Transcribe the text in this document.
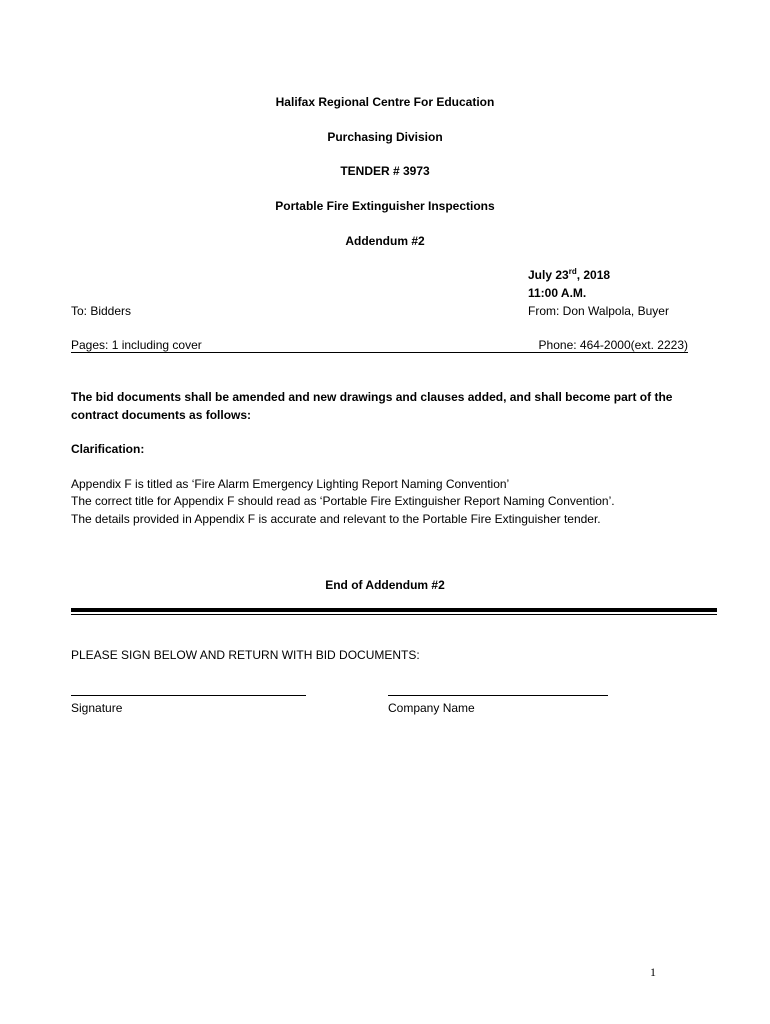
Halifax Regional Centre For Education
Purchasing Division
TENDER # 3973
Portable Fire Extinguisher Inspections
Addendum #2
July 23rd, 2018
11:00 A.M.
To: Bidders	From: Don Walpola, Buyer
Pages: 1 including cover	Phone: 464-2000(ext. 2223)
The bid documents shall be amended and new drawings and clauses added, and shall become part of the
contract documents as follows:
Clarification:
Appendix F is titled as ‘Fire Alarm Emergency Lighting Report Naming Convention’
The correct title for Appendix F should read as ‘Portable Fire Extinguisher Report Naming Convention’.
The details provided in Appendix F is accurate and relevant to the Portable Fire Extinguisher tender.
End of Addendum #2
PLEASE SIGN BELOW AND RETURN WITH BID DOCUMENTS:
Signature	Company Name
1
